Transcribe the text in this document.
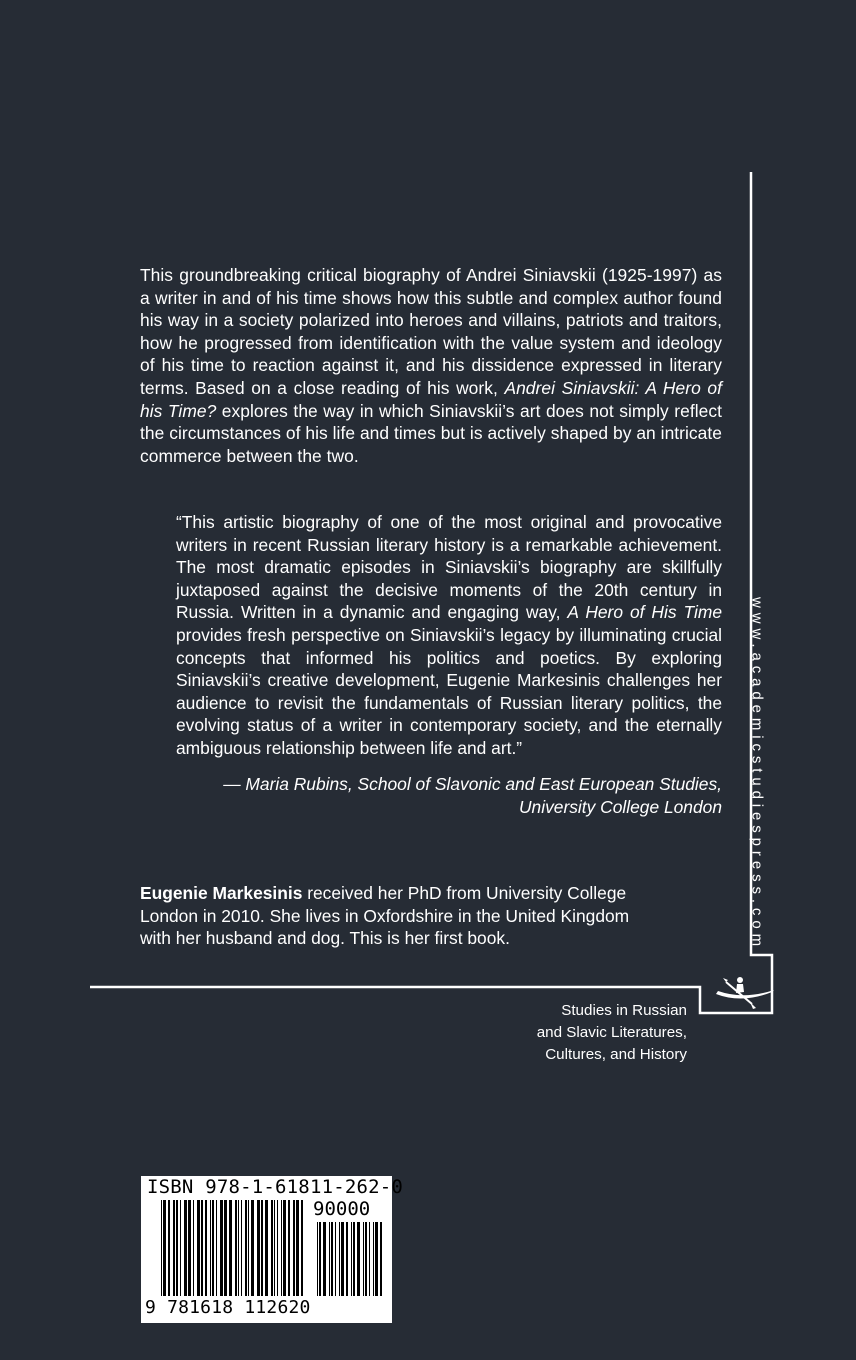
This groundbreaking critical biography of Andrei Siniavskii (1925-1997) as a writer in and of his time shows how this subtle and complex author found his way in a society polarized into heroes and villains, patriots and traitors, how he progressed from identification with the value system and ideology of his time to reaction against it, and his dissidence expressed in literary terms. Based on a close reading of his work, Andrei Siniavskii: A Hero of his Time? explores the way in which Siniavskii’s art does not simply reflect the circumstances of his life and times but is actively shaped by an intricate commerce between the two.

“This artistic biography of one of the most original and provocative writers in recent Russian literary history is a remarkable achievement. The most dramatic episodes in Siniavskii’s biography are skillfully juxtaposed against the decisive moments of the 20th century in Russia. Written in a dynamic and engaging way, A Hero of His Time provides fresh perspective on Siniavskii’s legacy by illuminating crucial concepts that informed his politics and poetics. By exploring Siniavskii’s creative development, Eugenie Markesinis challenges her audience to revisit the fundamentals of Russian literary politics, the evolving status of a writer in contemporary society, and the eternally ambiguous relationship between life and art.”

— Maria Rubins, School of Slavonic and East European Studies,
University College London
Eugenie Markesinis received her PhD from University College London in 2010. She lives in Oxfordshire in the United Kingdom with her husband and dog. This is her first book.
Studies in Russian
and Slavic Literatures,
Cultures, and History
www.academicstudiespress.com
ISBN 978-1-61811-262-0
90000
9 781618 112620
